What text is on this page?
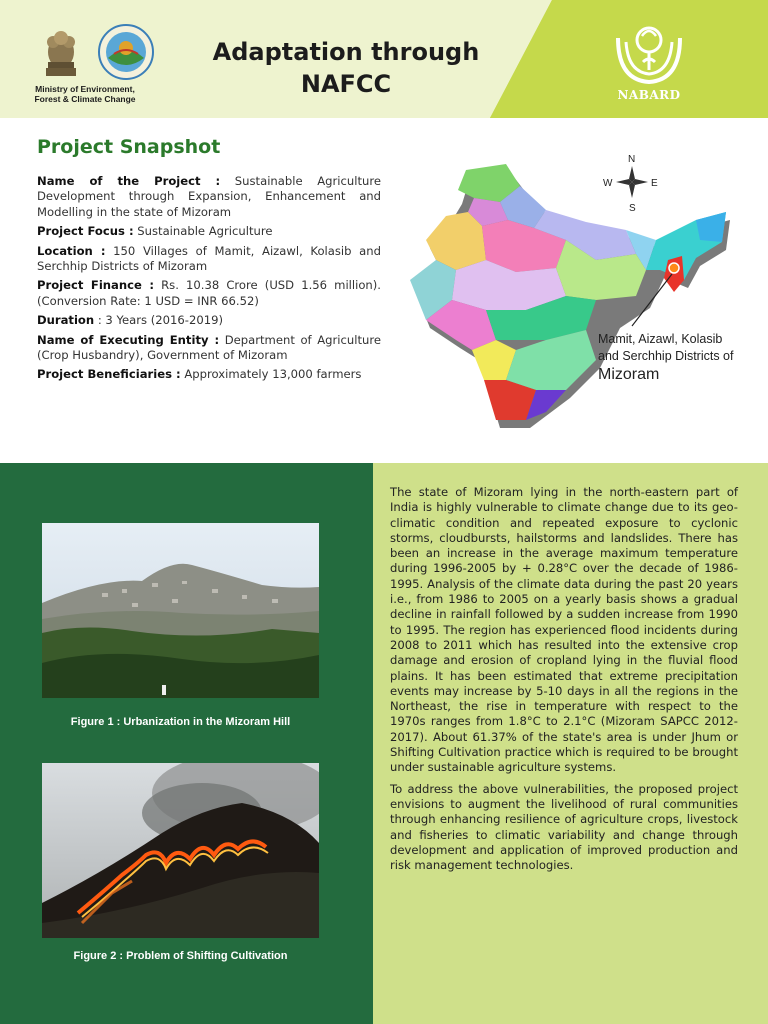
Ministry of Environment, Forest & Climate Change
Adaptation through NAFCC	NABARD
Project Snapshot
Name of the Project : Sustainable Agriculture Development through Expansion, Enhancement and Modelling in the state of Mizoram
Project Focus : Sustainable Agriculture
Location : 150 Villages of Mamit, Aizawl, Kolasib and Serchhip Districts of Mizoram
Project Finance : Rs. 10.38 Crore (USD 1.56 million). (Conversion Rate: 1 USD = INR 66.52)
Duration : 3 Years (2016-2019)
Name of Executing Entity : Department of Agriculture (Crop Husbandry), Government of Mizoram
Project Beneficiaries : Approximately 13,000 farmers
N
S
E
W
Mamit, Aizawl, Kolasib
and Serchhip Districts of
Mizoram

The state of Mizoram lying in the north-eastern part of India is highly vulnerable to climate change due to its geo-climatic condition and repeated exposure to cyclonic storms, cloudbursts, hailstorms and landslides. There has been an increase in the average maximum temperature during 1996-2005 by + 0.28°C over the decade of 1986-1995. Analysis of the climate data during the past 20 years i.e., from 1986 to 2005 on a yearly basis shows a gradual decline in rainfall followed by a sudden increase from 1990 to 1995. The region has experienced flood incidents during 2008 to 2011 which has resulted into the extensive crop damage and erosion of cropland lying in the fluvial flood plains. It has been estimated that extreme precipitation events may increase by 5-10 days in all the regions in the Northeast, the rise in temperature with respect to the 1970s ranges from 1.8°C to 2.1°C (Mizoram SAPCC 2012-2017). About 61.37% of the state's area is under Jhum or Shifting Cultivation practice which is required to be brought under sustainable agriculture systems.

To address the above vulnerabilities, the proposed project envisions to augment the livelihood of rural communities through enhancing resilience of agriculture crops, livestock and fisheries to climatic variability and change through development and application of improved production and risk management technologies.

Figure 1 : Urbanization in the Mizoram Hill
Figure 2 : Problem of Shifting Cultivation
